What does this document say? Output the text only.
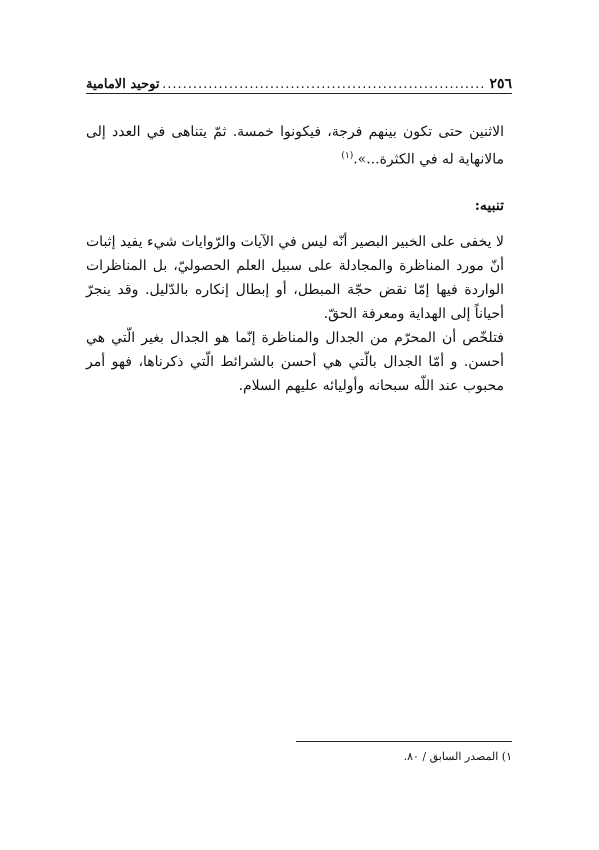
٢٥٦
.....
توحيد الامامية

الاثنين حتى تكون بينهم فرجة، فيكونوا خمسة. ثمّ يتناهى في العدد إلى مالانهاية له في الكثرة...».$^{(١)}$

تنبيه:

لا يخفى على الخبير البصير أنّه ليس في الآيات والرّوايات شيء يفيد إثبات أنّ مورد المناظرة والمجادلة على سبيل العلم الحصوليّ، بل المناظرات الواردة فيها إمّا نقض حجّة المبطل، أو إبطال إنكاره بالدّليل. وقد ينجرّ أحياناً إلى الهداية ومعرفة الحقّ.

فتلخّص أن المحرّم من الجدال والمناظرة إنّما هو الجدال بغير الّتي هي أحسن. و أمّا الجدال بالّتي هي أحسن بالشرائط الّتي ذكرناها، فهو أمر محبوب عند اللّه سبحانه وأوليائه عليهم السلام.

١) المصدر السابق / ٨٠.
